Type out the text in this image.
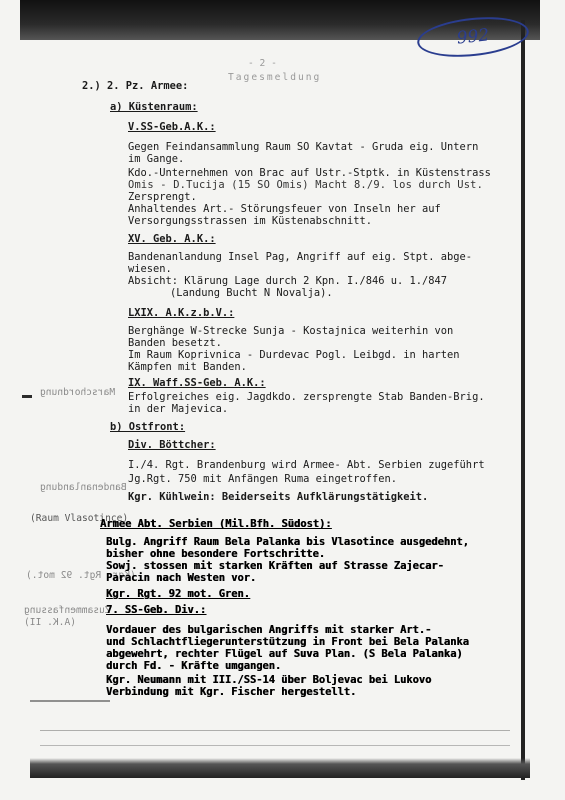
992
- 2 -
Tagesmeldung
2.) 2. Pz. Armee:
a) Küstenraum:
V.SS-Geb.A.K.:
Gegen Feindansammlung Raum SO Kavtat - Gruda eig. Untern
im Gange.
Kdo.-Unternehmen von Brac auf Ustr.-Stptk. in Küstenstrass
Omis - D.Tucija (15 SO Omis) Macht 8./9. los durch Ust.
Zersprengt.
Anhaltendes Art.- Störungsfeuer von Inseln her auf
Versorgungsstrassen im Küstenabschnitt.
XV. Geb. A.K.:
Bandenanlandung Insel Pag, Angriff auf eig. Stpt. abge-
wiesen.
Absicht: Klärung Lage durch 2 Kpn. I./846 u. 1./847
(Landung Bucht N Novalja).
LXIX. A.K.z.b.V.:
Berghänge W-Strecke Sunja - Kostajnica weiterhin von
Banden besetzt.
Im Raum Koprivnica - Durdevac Pogl. Leibgd. in harten
Kämpfen mit Banden.
IX. Waff.SS-Geb. A.K.:
Erfolgreiches eig. Jagdkdo. zersprengte Stab Banden-Brig.
in der Majevica.
b) Ostfront:
Div. Böttcher:
I./4. Rgt. Brandenburg wird Armee- Abt. Serbien zugeführt
Jg.Rgt. 750 mit Anfängen Ruma eingetroffen.
Kgr. Kühlwein: Beiderseits Aufklärungstätigkeit.
Marschordnung
Bandenanlandung
(Raum Vlasotince)
(Kgr. Rgt. 92 mot.)
Zusammenfassung
(A.K. II)
Armee Abt. Serbien (Mil.Bfh. Südost):
Bulg. Angriff Raum Bela Palanka bis Vlasotince ausgedehnt,
bisher ohne besondere Fortschritte.
Sowj. stossen mit starken Kräften auf Strasse Zajecar-
Paracin nach Westen vor.
Kgr. Rgt. 92 mot. Gren.
7. SS-Geb. Div.:
Vordauer des bulgarischen Angriffs mit starker Art.-
und Schlachtfliegerunterstützung in Front bei Bela Palanka
abgewehrt, rechter Flügel auf Suva Plan. (S Bela Palanka)
durch Fd. - Kräfte umgangen.
Kgr. Neumann mit III./SS-14 über Boljevac bei Lukovo
Verbindung mit Kgr. Fischer hergestellt.
